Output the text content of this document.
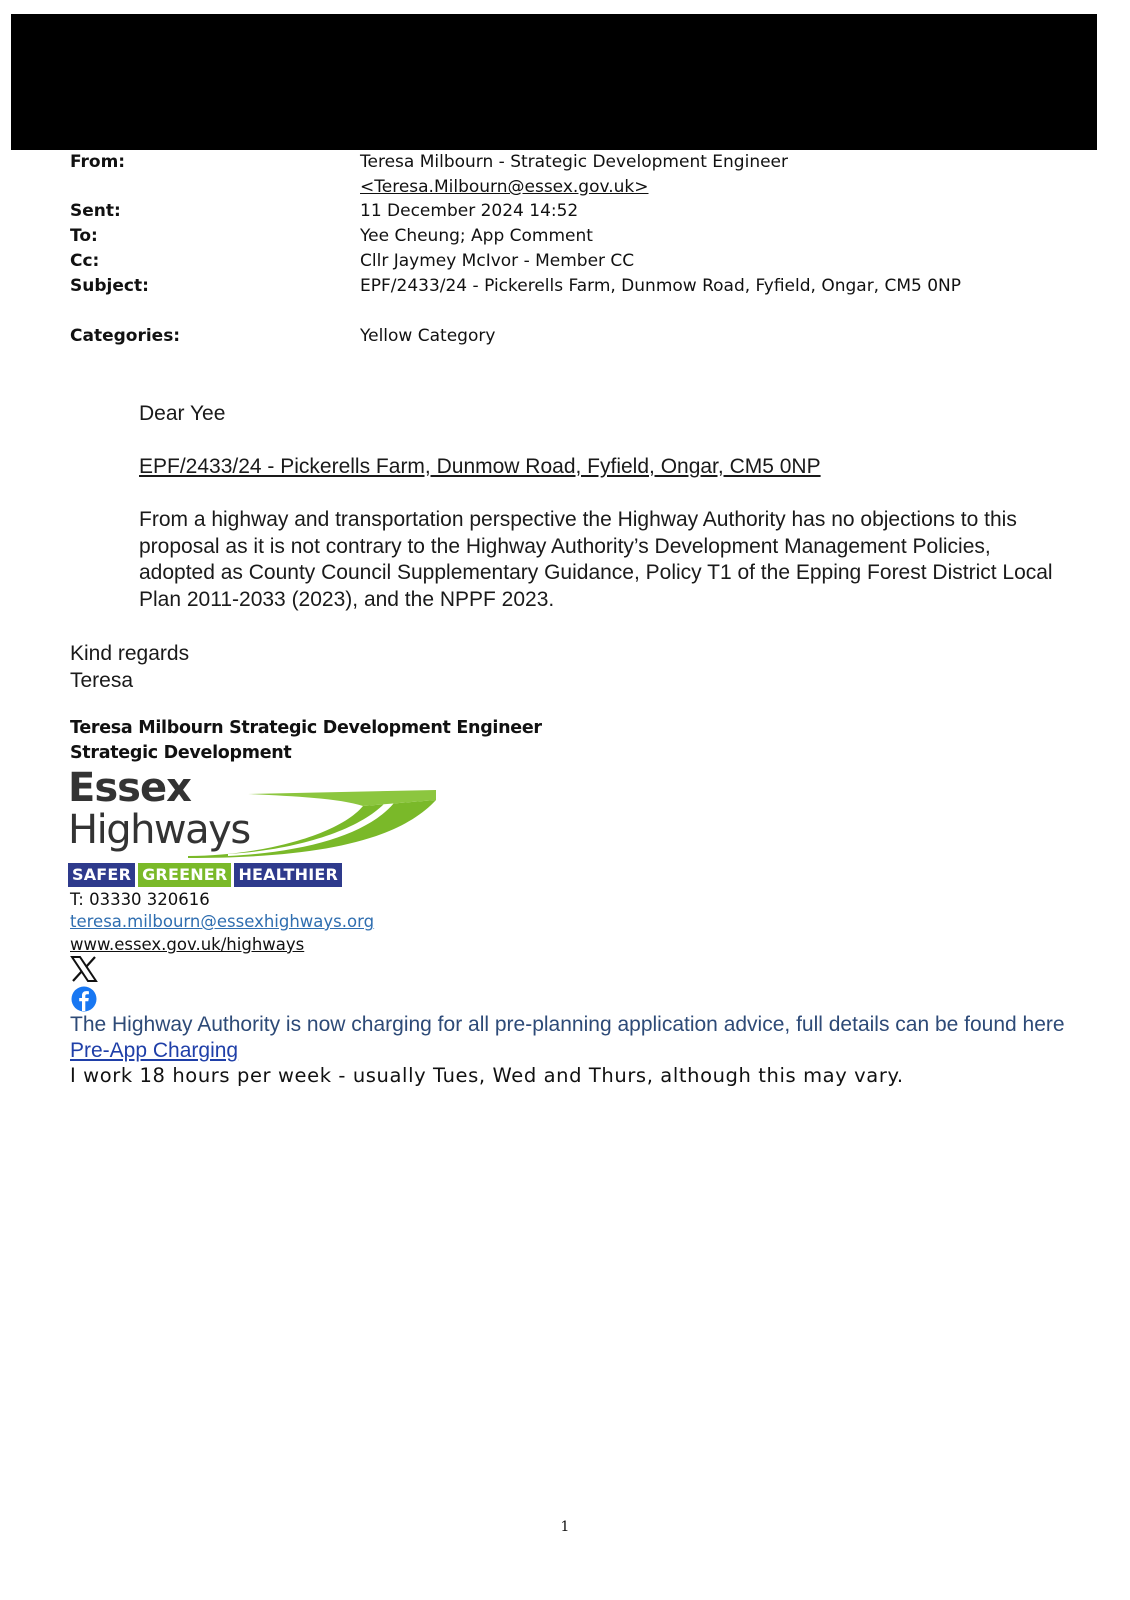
From:	Teresa Milbourn - Strategic Development Engineer
<Teresa.Milbourn@essex.gov.uk>
Sent:	11 December 2024 14:52
To:	Yee Cheung; App Comment
Cc:	Cllr Jaymey McIvor - Member CC
Subject:	EPF/2433/24 - Pickerells Farm, Dunmow Road, Fyfield, Ongar, CM5 0NP
Categories:	Yellow Category
Dear Yee
EPF/2433/24 - Pickerells Farm, Dunmow Road, Fyfield, Ongar, CM5 0NP

From a highway and transportation perspective the Highway Authority has no objections to this proposal as it is not contrary to the Highway Authority’s Development Management Policies, adopted as County Council Supplementary Guidance, Policy T1 of the Epping Forest District Local Plan 2011-2033 (2023), and the NPPF 2023.

Kind regards
Teresa
Teresa Milbourn Strategic Development Engineer
Strategic Development
Essex
Highways
SAFER GREENER HEALTHIER
T: 03330 320616
teresa.milbourn@essexhighways.org
www.essex.gov.uk/highways
The Highway Authority is now charging for all pre-planning application advice, full details can be found here Pre-App Charging
I work 18 hours per week - usually Tues, Wed and Thurs, although this may vary.
1
